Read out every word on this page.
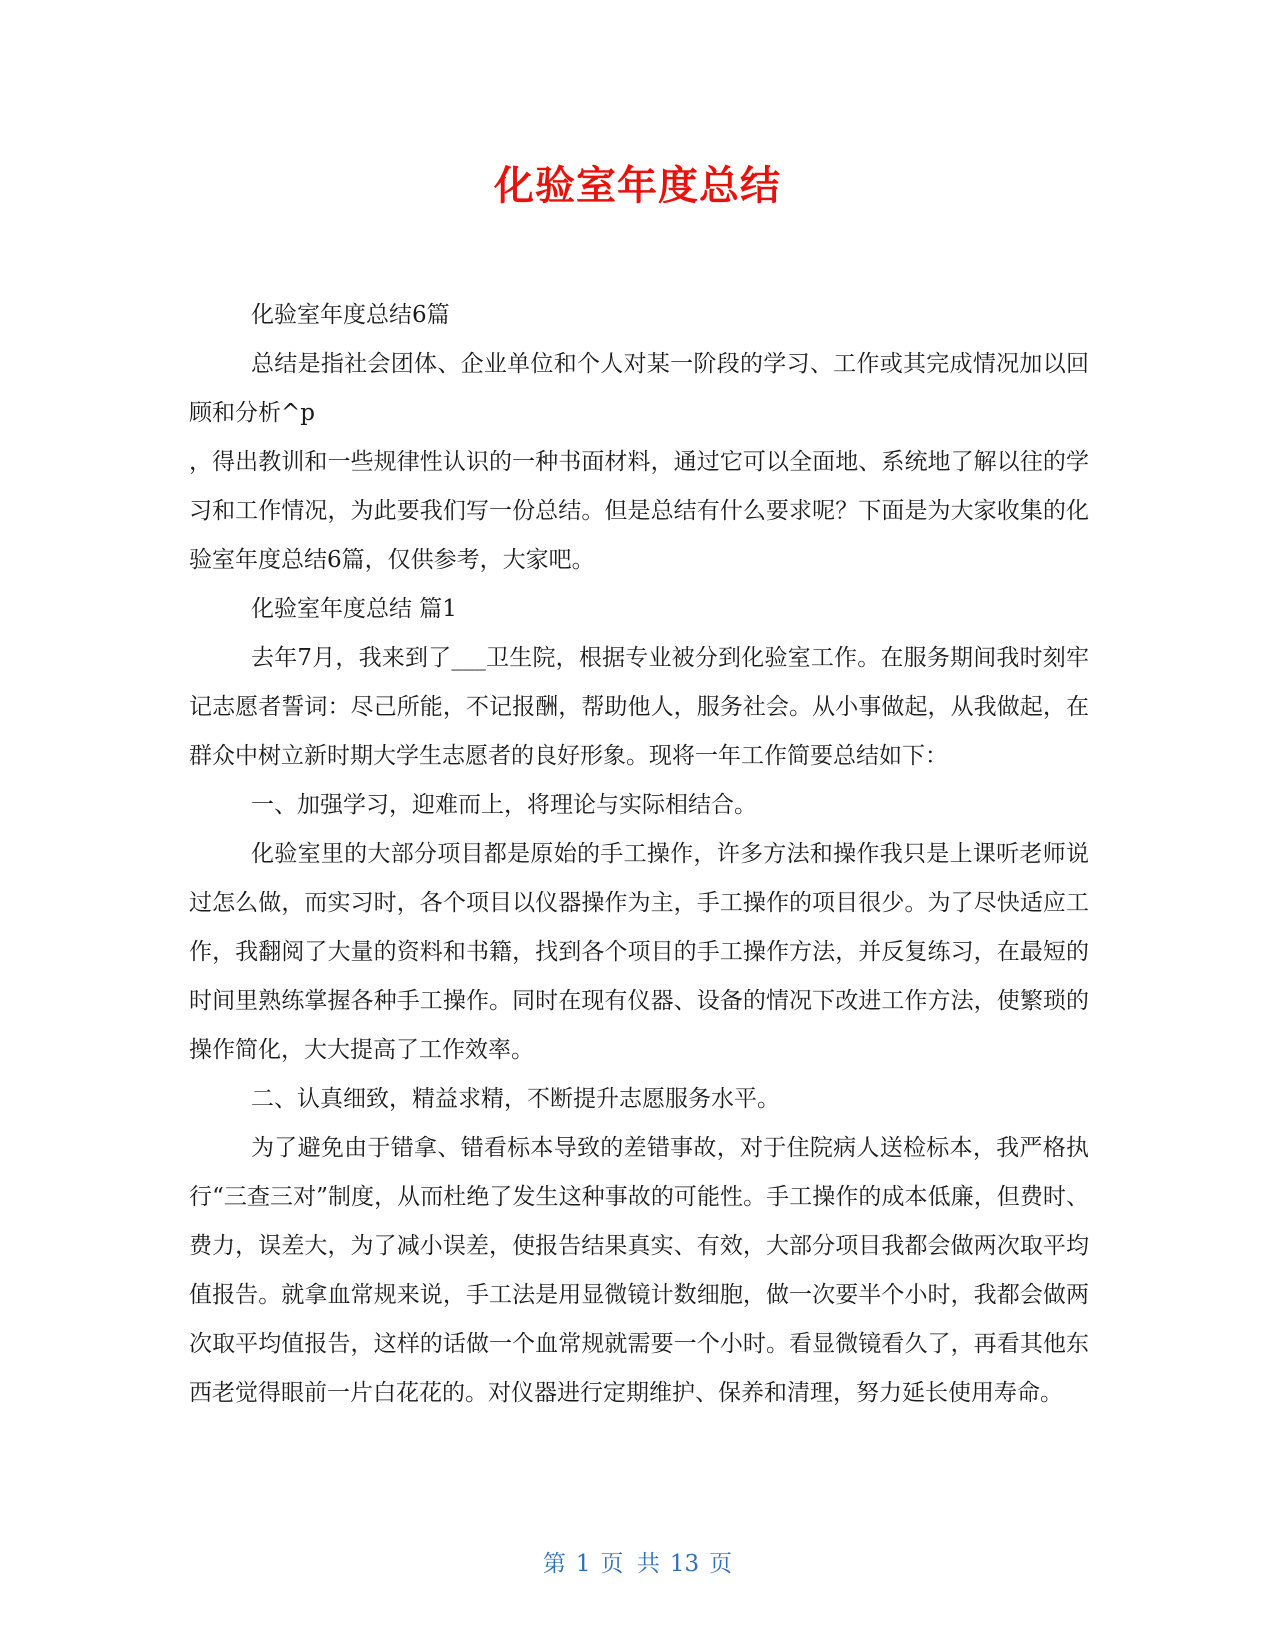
化验室年度总结

化验室年度总结6篇

总结是指社会团体、企业单位和个人对某一阶段的学习、工作或其完成情况加以回顾和分析^p

，得出教训和一些规律性认识的一种书面材料，通过它可以全面地、系统地了解以往的学习和工作情况，为此要我们写一份总结。但是总结有什么要求呢？下面是为大家收集的化验室年度总结6篇，仅供参考，大家吧。

化验室年度总结 篇1

去年7月，我来到了___卫生院，根据专业被分到化验室工作。在服务期间我时刻牢记志愿者誓词：尽己所能，不记报酬，帮助他人，服务社会。从小事做起，从我做起，在群众中树立新时期大学生志愿者的良好形象。现将一年工作简要总结如下：

一、加强学习，迎难而上，将理论与实际相结合。

化验室里的大部分项目都是原始的手工操作，许多方法和操作我只是上课听老师说过怎么做，而实习时，各个项目以仪器操作为主，手工操作的项目很少。为了尽快适应工作，我翻阅了大量的资料和书籍，找到各个项目的手工操作方法，并反复练习，在最短的时间里熟练掌握各种手工操作。同时在现有仪器、设备的情况下改进工作方法，使繁琐的操作简化，大大提高了工作效率。

二、认真细致，精益求精，不断提升志愿服务水平。

为了避免由于错拿、错看标本导致的差错事故，对于住院病人送检标本，我严格执行“三查三对”制度，从而杜绝了发生这种事故的可能性。手工操作的成本低廉，但费时、费力，误差大，为了减小误差，使报告结果真实、有效，大部分项目我都会做两次取平均值报告。就拿血常规来说，手工法是用显微镜计数细胞，做一次要半个小时，我都会做两次取平均值报告，这样的话做一个血常规就需要一个小时。看显微镜看久了，再看其他东西老觉得眼前一片白花花的。对仪器进行定期维护、保养和清理，努力延长使用寿命。

第 1 页 共 13 页
